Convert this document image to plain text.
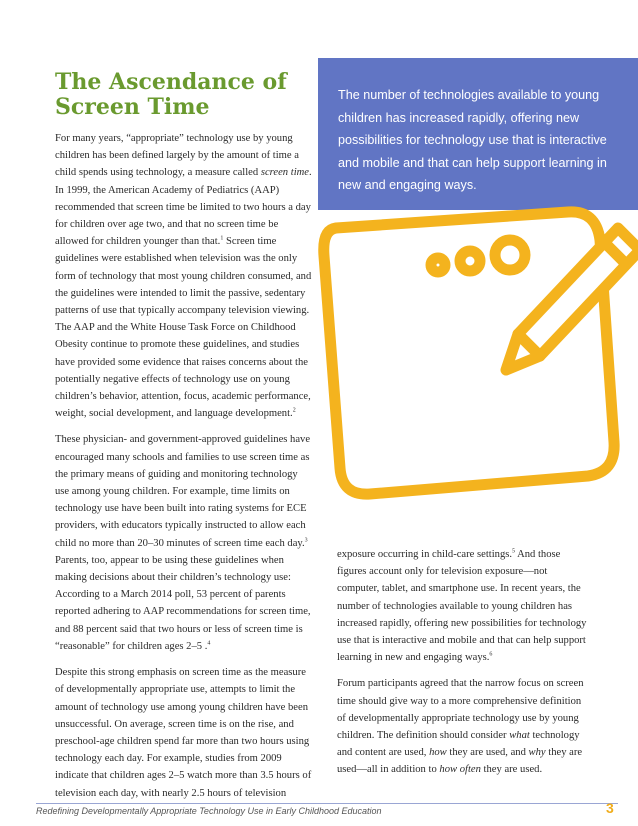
The Ascendance of
Screen Time	The number of technologies available to young children has increased rapidly, offering new possibilities for technology use that is interactive and mobile and that can help support learning in new and engaging ways.

For many years, “appropriate” technology use by young children has been defined largely by the amount of time a child spends using technology, a measure called screen time. In 1999, the American Academy of Pediatrics (AAP) recommended that screen time be limited to two hours a day for children over age two, and that no screen time be allowed for children younger than that.$^1$ Screen time guidelines were established when television was the only form of technology that most young children consumed, and the guidelines were intended to limit the passive, sedentary patterns of use that typically accompany television viewing. The AAP and the White House Task Force on Childhood Obesity continue to promote these guidelines, and studies have provided some evidence that raises concerns about the potentially negative effects of technology use on young children’s behavior, attention, focus, academic performance, weight, social development, and language development.$^2$

These physician- and government-approved guidelines have encouraged many schools and families to use screen time as the primary means of guiding and monitoring technology use among young children. For example, time limits on technology use have been built into rating systems for ECE providers, with educators typically instructed to allow each child no more than 20–30 minutes of screen time each day.$^3$ Parents, too, appear to be using these guidelines when making decisions about their children’s technology use: According to a March 2014 poll, 53 percent of parents reported adhering to AAP recommendations for screen time, and 88 percent said that two hours or less of screen time is “reasonable” for children ages 2–5 .$^4$

Despite this strong emphasis on screen time as the measure of developmentally appropriate use, attempts to limit the amount of technology use among young children have been unsuccessful. On average, screen time is on the rise, and preschool-age children spend far more than two hours using technology each day. For example, studies from 2009 indicate that children ages 2–5 watch more than 3.5 hours of television each day, with nearly 2.5 hours of television

exposure occurring in child-care settings.$^5$ And those figures account only for television exposure—not computer, tablet, and smartphone use. In recent years, the number of technologies available to young children has increased rapidly, offering new possibilities for technology use that is interactive and mobile and that can help support learning in new and engaging ways.$^6$

Forum participants agreed that the narrow focus on screen time should give way to a more comprehensive definition of developmentally appropriate technology use by young children. The definition should consider what technology and content are used, how they are used, and why they are used—all in addition to how often they are used.

Redefining Developmentally Appropriate Technology Use in Early Childhood Education	3
